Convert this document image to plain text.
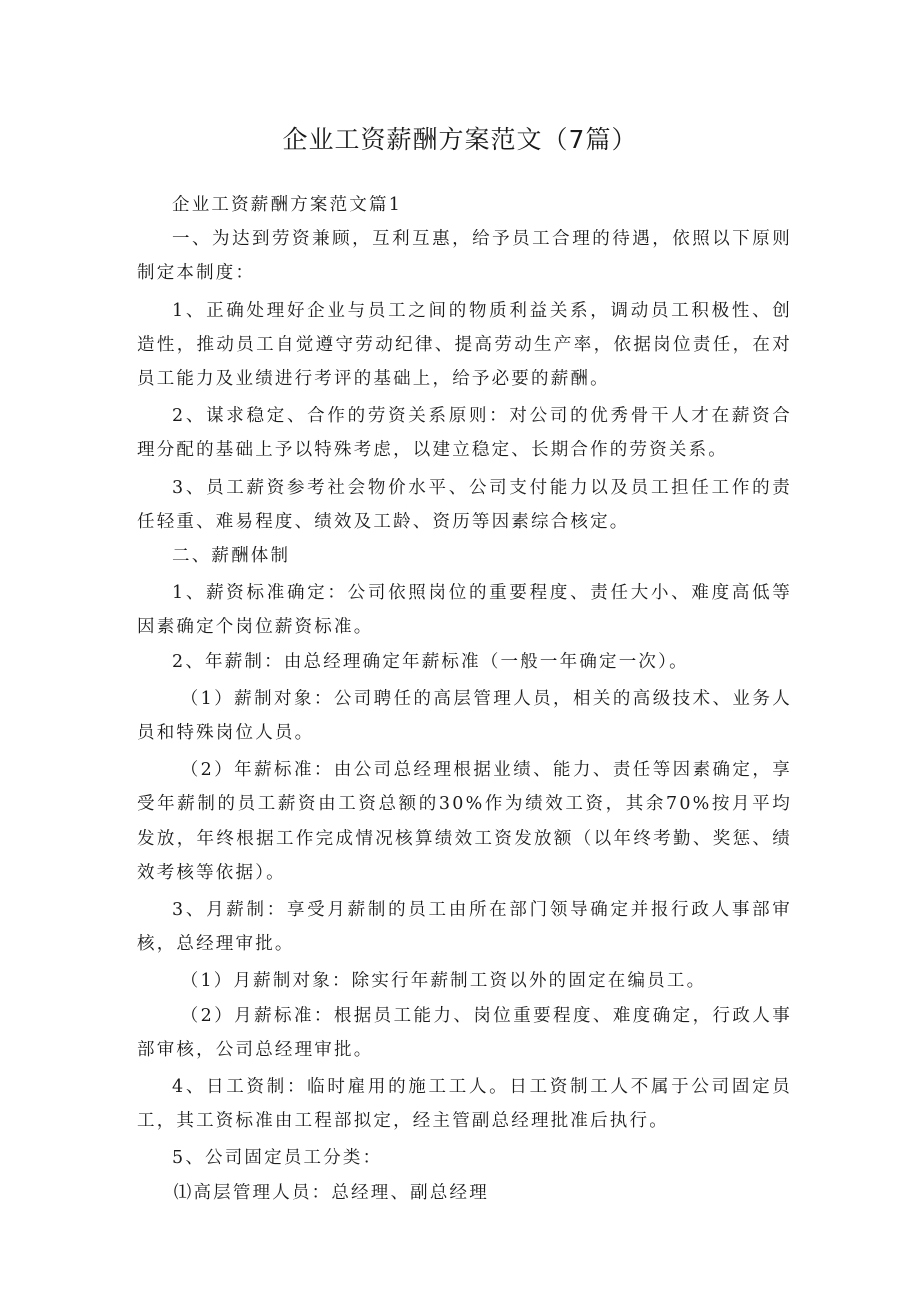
企业工资薪酬方案范文（7篇）

企业工资薪酬方案范文篇1

一、为达到劳资兼顾，互利互惠，给予员工合理的待遇，依照以下原则制定本制度：

1、正确处理好企业与员工之间的物质利益关系，调动员工积极性、创造性，推动员工自觉遵守劳动纪律、提高劳动生产率，依据岗位责任，在对员工能力及业绩进行考评的基础上，给予必要的薪酬。

2、谋求稳定、合作的劳资关系原则：对公司的优秀骨干人才在薪资合理分配的基础上予以特殊考虑，以建立稳定、长期合作的劳资关系。

3、员工薪资参考社会物价水平、公司支付能力以及员工担任工作的责任轻重、难易程度、绩效及工龄、资历等因素综合核定。

二、薪酬体制

1、薪资标准确定：公司依照岗位的重要程度、责任大小、难度高低等因素确定个岗位薪资标准。

2、年薪制：由总经理确定年薪标准（一般一年确定一次）。

（1）薪制对象：公司聘任的高层管理人员，相关的高级技术、业务人员和特殊岗位人员。

（2）年薪标准：由公司总经理根据业绩、能力、责任等因素确定，享受年薪制的员工薪资由工资总额的30%作为绩效工资，其余70%按月平均发放，年终根据工作完成情况核算绩效工资发放额（以年终考勤、奖惩、绩效考核等依据）。

3、月薪制：享受月薪制的员工由所在部门领导确定并报行政人事部审核，总经理审批。

（1）月薪制对象：除实行年薪制工资以外的固定在编员工。

（2）月薪标准：根据员工能力、岗位重要程度、难度确定，行政人事部审核，公司总经理审批。

4、日工资制：临时雇用的施工工人。日工资制工人不属于公司固定员工，其工资标准由工程部拟定，经主管副总经理批准后执行。

5、公司固定员工分类：

⑴高层管理人员：总经理、副总经理
